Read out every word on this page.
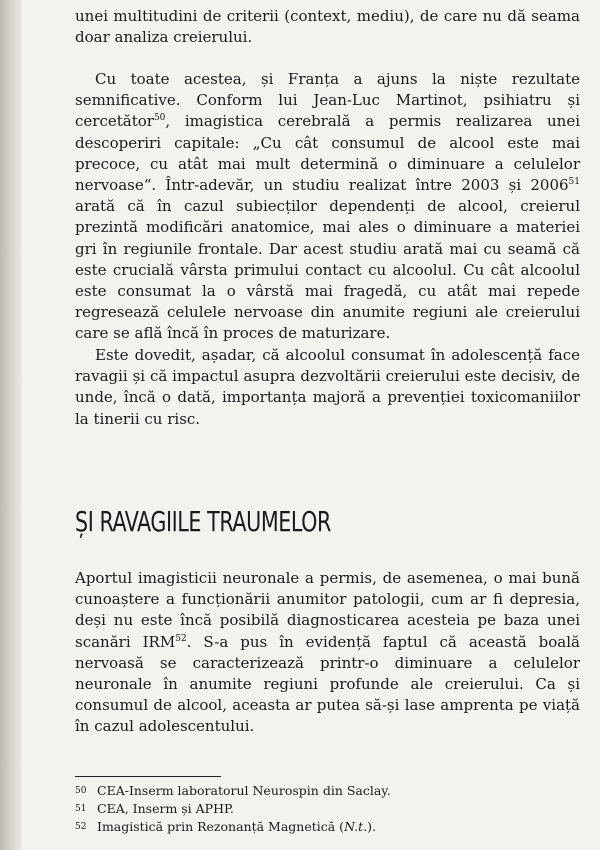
unei multitudini de criterii (context, mediu), de care nu dă seama doar analiza creierului.

Cu toate acestea, și Franța a ajuns la niște rezultate semnificative. Conform lui Jean-Luc Martinot, psihiatru și cercetător$^{50}$, imagistica cerebrală a permis realizarea unei descoperiri capitale: „Cu cât consumul de alcool este mai precoce, cu atât mai mult determină o diminuare a celulelor nervoase“. Într-adevăr, un studiu realizat între 2003 și 2006$^{51}$ arată că în cazul subiecților dependenți de alcool, creierul prezintă modificări anatomice, mai ales o diminuare a materiei gri în regiunile frontale. Dar acest studiu arată mai cu seamă că este crucială vârsta primului contact cu alcoolul. Cu cât alcoolul este consumat la o vârstă mai fragedă, cu atât mai repede regresează celulele nervoase din anumite regiuni ale creierului care se află încă în proces de maturizare.

Este dovedit, așadar, că alcoolul consumat în adolescență face ravagii și că impactul asupra dezvoltării creierului este decisiv, de unde, încă o dată, importanța majoră a prevenției toxicomaniilor la tinerii cu risc.

ȘI RAVAGIILE TRAUMELOR

Aportul imagisticii neuronale a permis, de asemenea, o mai bună cunoaștere a funcționării anumitor patologii, cum ar fi depresia, deși nu este încă posibilă diagnosticarea acesteia pe baza unei scanări IRM$^{52}$. S-a pus în evidență faptul că această boală nervoasă se caracterizează printr-o diminuare a celulelor neuronale în anumite regiuni profunde ale creierului. Ca și consumul de alcool, aceasta ar putea să-și lase amprenta pe viață în cazul adolescentului.

50 CEA-Inserm laboratorul Neurospin din Saclay.
51 CEA, Inserm și APHP.
52 Imagistică prin Rezonanță Magnetică (N.t.).
